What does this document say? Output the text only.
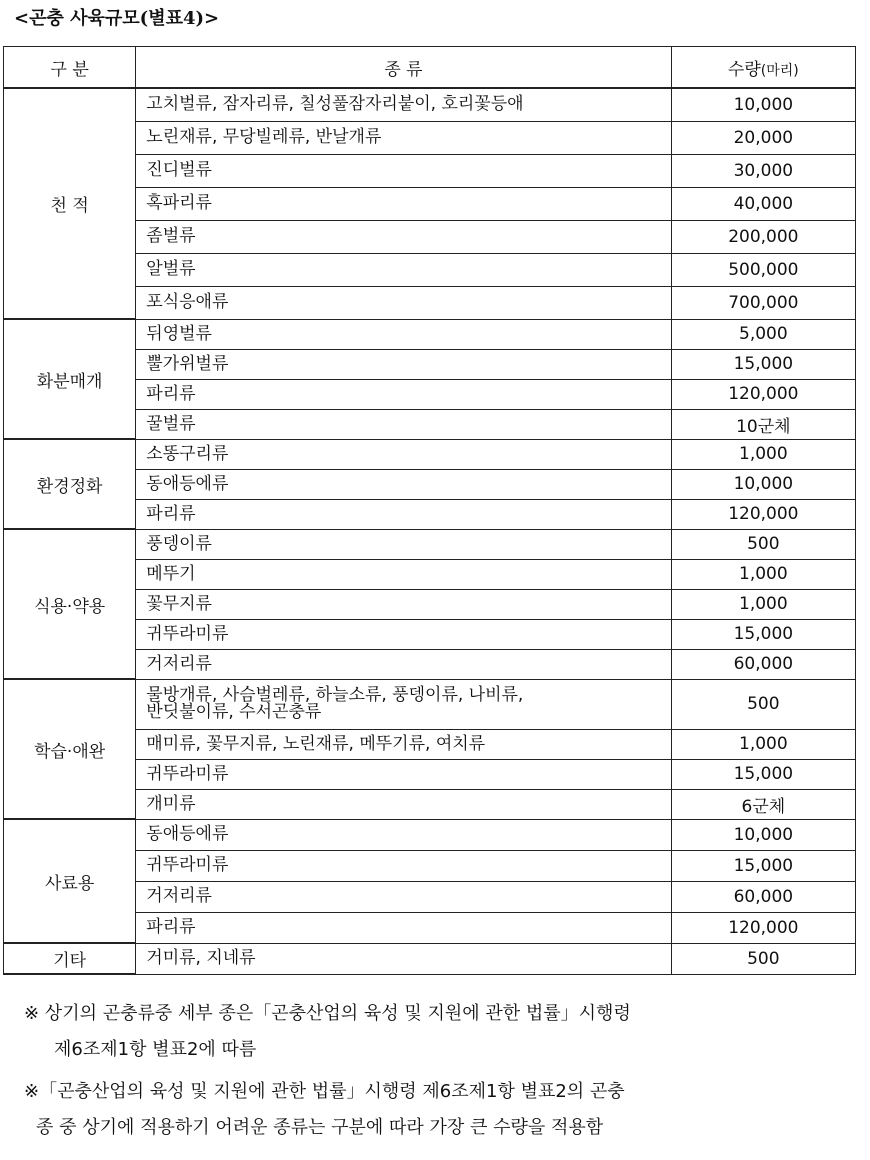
<곤충 사육규모(별표4)>
구 분	종 류	수량(마리)
천 적	고치벌류, 잠자리류, 칠성풀잠자리붙이, 호리꽃등애	10,000
	노린재류, 무당빌레류, 반날개류	20,000
	진디벌류	30,000
	혹파리류	40,000
	좀벌류	200,000
	알벌류	500,000
	포식응애류	700,000
화분매개	뒤영벌류	5,000
	뿔가위벌류	15,000
	파리류	120,000
	꿀벌류	10군체
환경정화	소똥구리류	1,000
	동애등에류	10,000
	파리류	120,000
식용·약용	풍뎅이류	500
	메뚜기	1,000
	꽃무지류	1,000
	귀뚜라미류	15,000
	거저리류	60,000
학습·애완	물방개류, 사슴벌레류, 하늘소류, 풍뎅이류, 나비류,
반딧불이류, 수서곤충류	500
	매미류, 꽃무지류, 노린재류, 메뚜기류, 여치류	1,000
	귀뚜라미류	15,000
	개미류	6군체
사료용	동애등에류	10,000
	귀뚜라미류	15,000
	거저리류	60,000
	파리류	120,000
기타	거미류, 지네류	500
※ 상기의 곤충류중 세부 종은「곤충산업의 육성 및 지원에 관한 법률」시행령
제6조제1항 별표2에 따름
※「곤충산업의 육성 및 지원에 관한 법률」시행령 제6조제1항 별표2의 곤충
종 중 상기에 적용하기 어려운 종류는 구분에 따라 가장 큰 수량을 적용함
